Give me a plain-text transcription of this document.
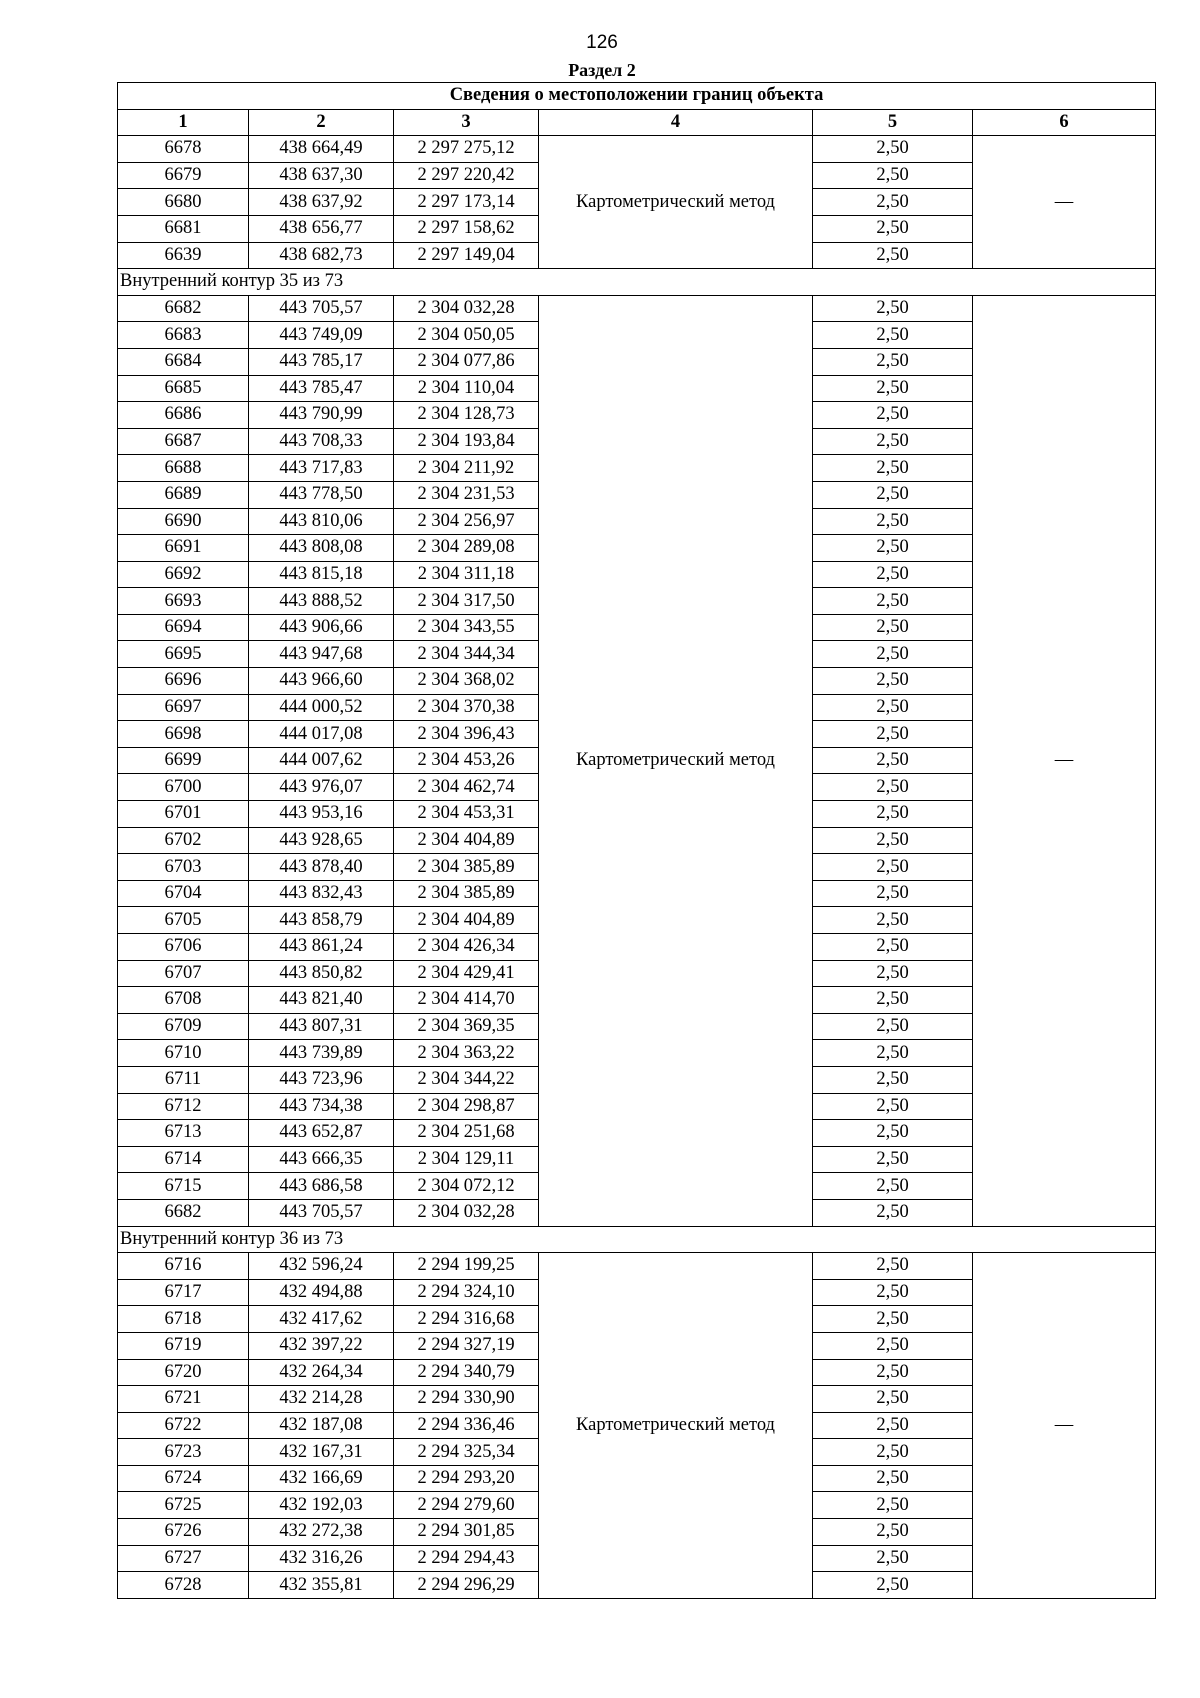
126
Раздел 2
Сведения о местоположении границ объекта					
1	2	3	4	5	6
6678	438 664,49	2 297 275,12	Картометрический метод	2,50	—
6679	438 637,30	2 297 220,42		2,50	
6680	438 637,92	2 297 173,14		2,50	
6681	438 656,77	2 297 158,62		2,50	
6639	438 682,73	2 297 149,04		2,50	
Внутренний контур 35 из 73					
6682	443 705,57	2 304 032,28	Картометрический метод	2,50	—
6683	443 749,09	2 304 050,05		2,50	
6684	443 785,17	2 304 077,86		2,50	
6685	443 785,47	2 304 110,04		2,50	
6686	443 790,99	2 304 128,73		2,50	
6687	443 708,33	2 304 193,84		2,50	
6688	443 717,83	2 304 211,92		2,50	
6689	443 778,50	2 304 231,53		2,50	
6690	443 810,06	2 304 256,97		2,50	
6691	443 808,08	2 304 289,08		2,50	
6692	443 815,18	2 304 311,18		2,50	
6693	443 888,52	2 304 317,50		2,50	
6694	443 906,66	2 304 343,55		2,50	
6695	443 947,68	2 304 344,34		2,50	
6696	443 966,60	2 304 368,02		2,50	
6697	444 000,52	2 304 370,38		2,50	
6698	444 017,08	2 304 396,43		2,50	
6699	444 007,62	2 304 453,26		2,50	
6700	443 976,07	2 304 462,74		2,50	
6701	443 953,16	2 304 453,31		2,50	
6702	443 928,65	2 304 404,89		2,50	
6703	443 878,40	2 304 385,89		2,50	
6704	443 832,43	2 304 385,89		2,50	
6705	443 858,79	2 304 404,89		2,50	
6706	443 861,24	2 304 426,34		2,50	
6707	443 850,82	2 304 429,41		2,50	
6708	443 821,40	2 304 414,70		2,50	
6709	443 807,31	2 304 369,35		2,50	
6710	443 739,89	2 304 363,22		2,50	
6711	443 723,96	2 304 344,22		2,50	
6712	443 734,38	2 304 298,87		2,50	
6713	443 652,87	2 304 251,68		2,50	
6714	443 666,35	2 304 129,11		2,50	
6715	443 686,58	2 304 072,12		2,50	
6682	443 705,57	2 304 032,28		2,50	
Внутренний контур 36 из 73					
6716	432 596,24	2 294 199,25	Картометрический метод	2,50	—
6717	432 494,88	2 294 324,10		2,50	
6718	432 417,62	2 294 316,68		2,50	
6719	432 397,22	2 294 327,19		2,50	
6720	432 264,34	2 294 340,79		2,50	
6721	432 214,28	2 294 330,90		2,50	
6722	432 187,08	2 294 336,46		2,50	
6723	432 167,31	2 294 325,34		2,50	
6724	432 166,69	2 294 293,20		2,50	
6725	432 192,03	2 294 279,60		2,50	
6726	432 272,38	2 294 301,85		2,50	
6727	432 316,26	2 294 294,43		2,50	
6728	432 355,81	2 294 296,29		2,50	
